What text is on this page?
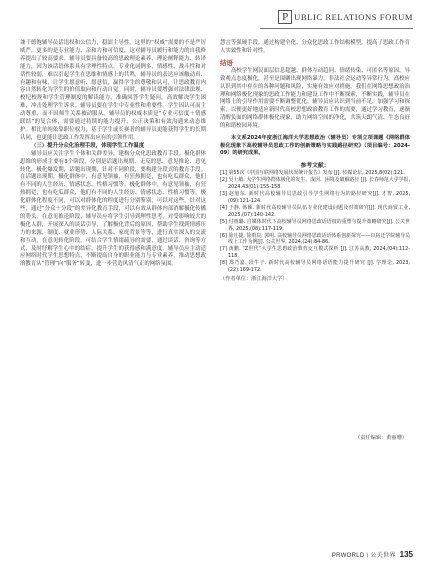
P UBLIC RELATIONS FORUM

兼干德饱辅导员话语权和公信力，稳固主导性。这里的“权威”需要的不是严厉威严，更多的是专业能力、亲和力和可信度，这对辅导员履行和能力的自我修养提出了较高要求。辅导员要具备较高的思政理论素养、理论阐释能力、转译能力，因为该话语体系具有学理性特点。专业化词例多，情感性、战斗性和对话性较弱，难以引起学生在思维和情感上的共鸣，辅导员的表达应该触动真、有趣和有味，让学生愿意听、愿意信，赢得学生的尊敬和认可，让思政教育内容自然转化为学生的价值取向和行动自觉。同时，辅导员要增强对法律法规、校纪校规和学生管理制度的解读能力，准确回答学生疑问，高效解决学生困难，冲击处理学生诉求。辅导员要在学生中专业性和重要性。学生因认可而主动尊重，而不因师生关系被动服从。辅导员的权威本质是“专业可信度＋情感联结”的复合体，需要通过持续的能力提升、公正决策和有效沟通来动态维护。相比单纯依靠职位权力，基于学生或长赛者的辅导员更能获得学生的长期认同，也更能让思政工作发挥出应有的引领作用。

（三）提升分众化治理手段，体现学生工作温度

辅导员应关注学生个体和关群差异，建构分众化思政教育手段。极化群体思维的形成主要有3个阶段，分别是话题出现期、无反的思、意见推论、意见转化，极化爆发期，话题出现期，针对不同阶段，要构建分段式的教育手段。在话题出现期，极化群体中，有意见领袖，有狂热拥趸，也有吃瓜群众，他们有不同的人生经历、情感状态、性格习惯等。极化群体中，有意见领袖，有狂热拥趸，也有吃瓜群众，他们有不同的人生经历、情感状态、性格习惯等。极化群体化程度不同，可以对群体化的程度进行分别鉴别，可以对这些，针对这些，通过“分众＋分段”的差异化教育手段，可以有效从群体内部消解极化传播的势头，在意见推论阶段，辅导员应将学生引导到理性思考，对受影响较大的极化人群，开展深入的谈话引导，了解极化背后的原因，帮助学生找到情感压力的来源，制度、就业形势、人际关系、家庭背景等等，进行真实深入的交流和互动，在意见转化阶段，可结合学生情绪疏导的需要，通过谈话、咨询等方式，及时纾解学生心中的结症，提升学生的获得感和满意度。辅导员应主动适应网络时代学生思想特点，不断提高自身的职业能力与专业素养，推动思想政治教育从“管理”向“服务”转变，进一步营造风清气正的网络氛围。

慧言等强硬手段。通过构建全化、分众化思政工作结构模型，提高了思政工作育人实效性和针对性。

结语

高校学生网民面层信息超越、群体互动趋同、情绪传染、可匿名等原因，导致观点态度极化，甚至是围剿出现网络暴力，非法社会运动等异常行为。高校应认识到其中存在的各种问题和风险，实施有效应对措施。我们在网络思想政治治理和网络极化现象的思政工作能力和建设工作中不断探索，不断实践，辅导员在网络上的引导作用需要不断调整优化。辅导员应认识到当前不足，加强学习和探索，以便更好地适应新时代高校思想政治教育工作的需要，通过学习教育，逐渐清醒负面的网络群体极化现象，助力网络空间的净化，共筑天朗气清、生态良好的和谐校园环境。

本文系2024年度浙江海洋大学思想政治（辅导员）专项立项课题《网络群体极化现象下高校辅导员思政工作的创新策略与实践路径研究》（项目编号：2024-09）的研究成果。

参考文献：
[1] 第55次《中国互联网络发展状况统计报告》发布 [J]. 传媒论坛, 2025,8(02):121.
[2] 吴士敏. 大学生网络群体极化的发生、成因、困境及破解路径 [J]. 长春师范大学学报, 2024,43(01):155-158.
[3] 赵旭东. 新时代高校辅导员思政引导学生网络行为的路径研究[J]. 才智, 2025,(09):121-124.
[4] 于静, 韩颖. 新时代高校辅导员队伍专业化建设问题及对策研究[J]. 现代商贸工业, 2025,(07):140-142.
[5] 付雨璐. 自媒体时代下高校辅导员网络思政话语权的重塑与提升策略研究[J]. 公关世界, 2025,(08):117-119.
[6] 徐凡捷, 徐雨辰, 郭明. 高校辅导员网络思政话语体系创新探究——以宿迁学院辅导员线上工作为例[J]. 公关世界, 2024,(24):84-86.
[7] 黄鹏. “Z世代”大学生思想政治教育交互模式探析 [J]. 江苏高教, 2024,(04):112-118.
[8] 郑乃嘉, 段牛子. 新时代高校辅导员网络话语能力提升研究 [J]. 学理论, 2023,(22):169-172.

（作者单位：浙江海洋大学）

（责任编辑：黄丽珊）
PRWORLD \ 公关世界 135
